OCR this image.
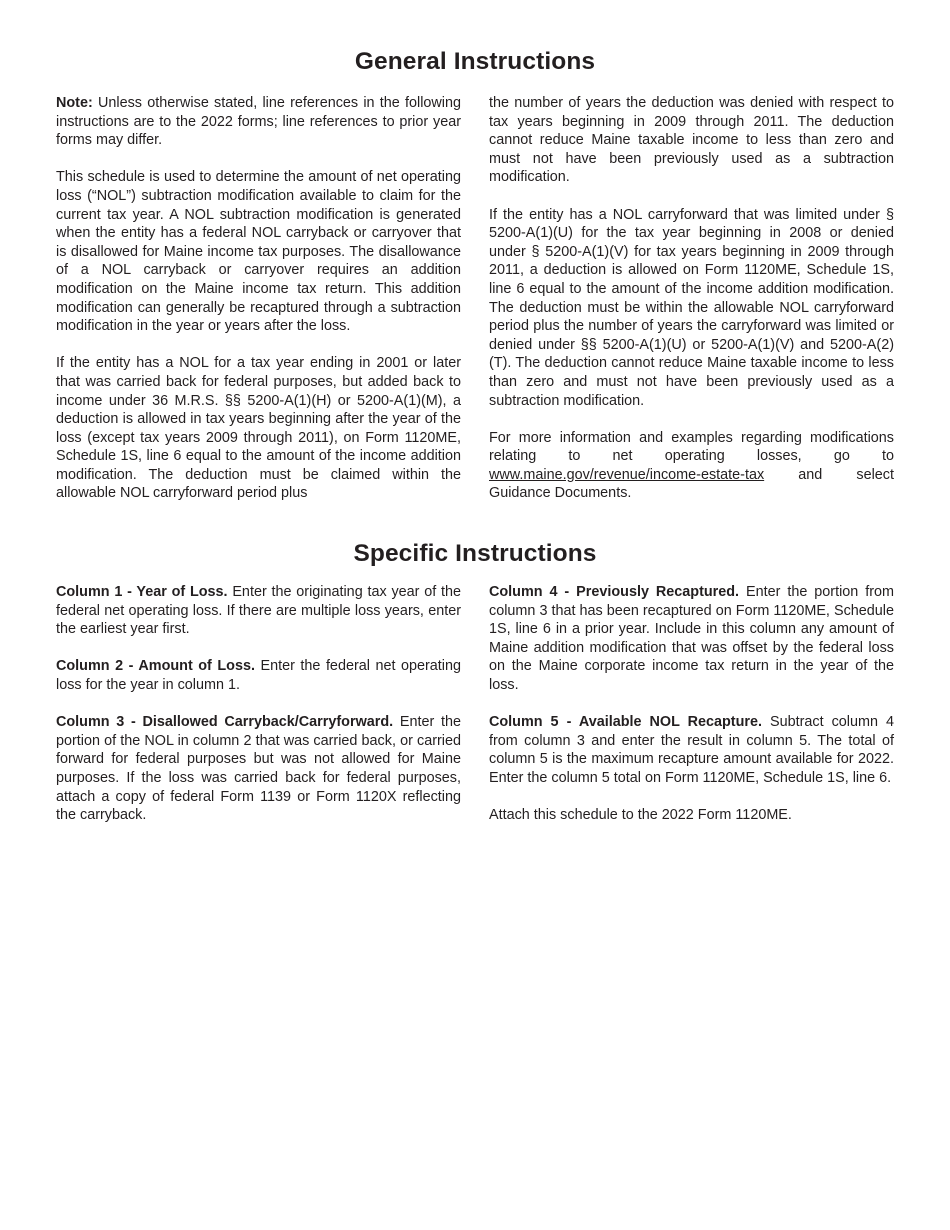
General Instructions

Note: Unless otherwise stated, line references in the following instructions are to the 2022 forms; line references to prior year forms may differ.

This schedule is used to determine the amount of net operating loss (“NOL”) subtraction modification available to claim for the current tax year. A NOL subtraction modification is generated when the entity has a federal NOL carryback or carryover that is disallowed for Maine income tax purposes. The disallowance of a NOL carryback or carryover requires an addition modification on the Maine income tax return. This addition modification can generally be recaptured through a subtraction modification in the year or years after the loss.

If the entity has a NOL for a tax year ending in 2001 or later that was carried back for federal purposes, but added back to income under 36 M.R.S. §§ 5200-A(1)(H) or 5200-A(1)(M), a deduction is allowed in tax years beginning after the year of the loss (except tax years 2009 through 2011), on Form 1120ME, Schedule 1S, line 6 equal to the amount of the income addition modification. The deduction must be claimed within the allowable NOL carryforward period plus

the number of years the deduction was denied with respect to tax years beginning in 2009 through 2011. The deduction cannot reduce Maine taxable income to less than zero and must not have been previously used as a subtraction modification.

If the entity has a NOL carryforward that was limited under § 5200-A(1)(U) for the tax year beginning in 2008 or denied under § 5200-A(1)(V) for tax years beginning in 2009 through 2011, a deduction is allowed on Form 1120ME, Schedule 1S, line 6 equal to the amount of the income addition modification. The deduction must be within the allowable NOL carryforward period plus the number of years the carryforward was limited or denied under §§ 5200-A(1)(U) or 5200-A(1)(V) and 5200-A(2)(T). The deduction cannot reduce Maine taxable income to less than zero and must not have been previously used as a subtraction modification.

For more information and examples regarding modifications relating to net operating losses, go to www.maine.gov/revenue/income-estate-tax and select Guidance Documents.

Specific Instructions

Column 1 - Year of Loss. Enter the originating tax year of the federal net operating loss. If there are multiple loss years, enter the earliest year first.

Column 2 - Amount of Loss. Enter the federal net operating loss for the year in column 1.

Column 3 - Disallowed Carryback/Carryforward. Enter the portion of the NOL in column 2 that was carried back, or carried forward for federal purposes but was not allowed for Maine purposes. If the loss was carried back for federal purposes, attach a copy of federal Form 1139 or Form 1120X reflecting the carryback.

Column 4 - Previously Recaptured. Enter the portion from column 3 that has been recaptured on Form 1120ME, Schedule 1S, line 6 in a prior year. Include in this column any amount of Maine addition modification that was offset by the federal loss on the Maine corporate income tax return in the year of the loss.

Column 5 - Available NOL Recapture. Subtract column 4 from column 3 and enter the result in column 5. The total of column 5 is the maximum recapture amount available for 2022. Enter the column 5 total on Form 1120ME, Schedule 1S, line 6.

Attach this schedule to the 2022 Form 1120ME.
